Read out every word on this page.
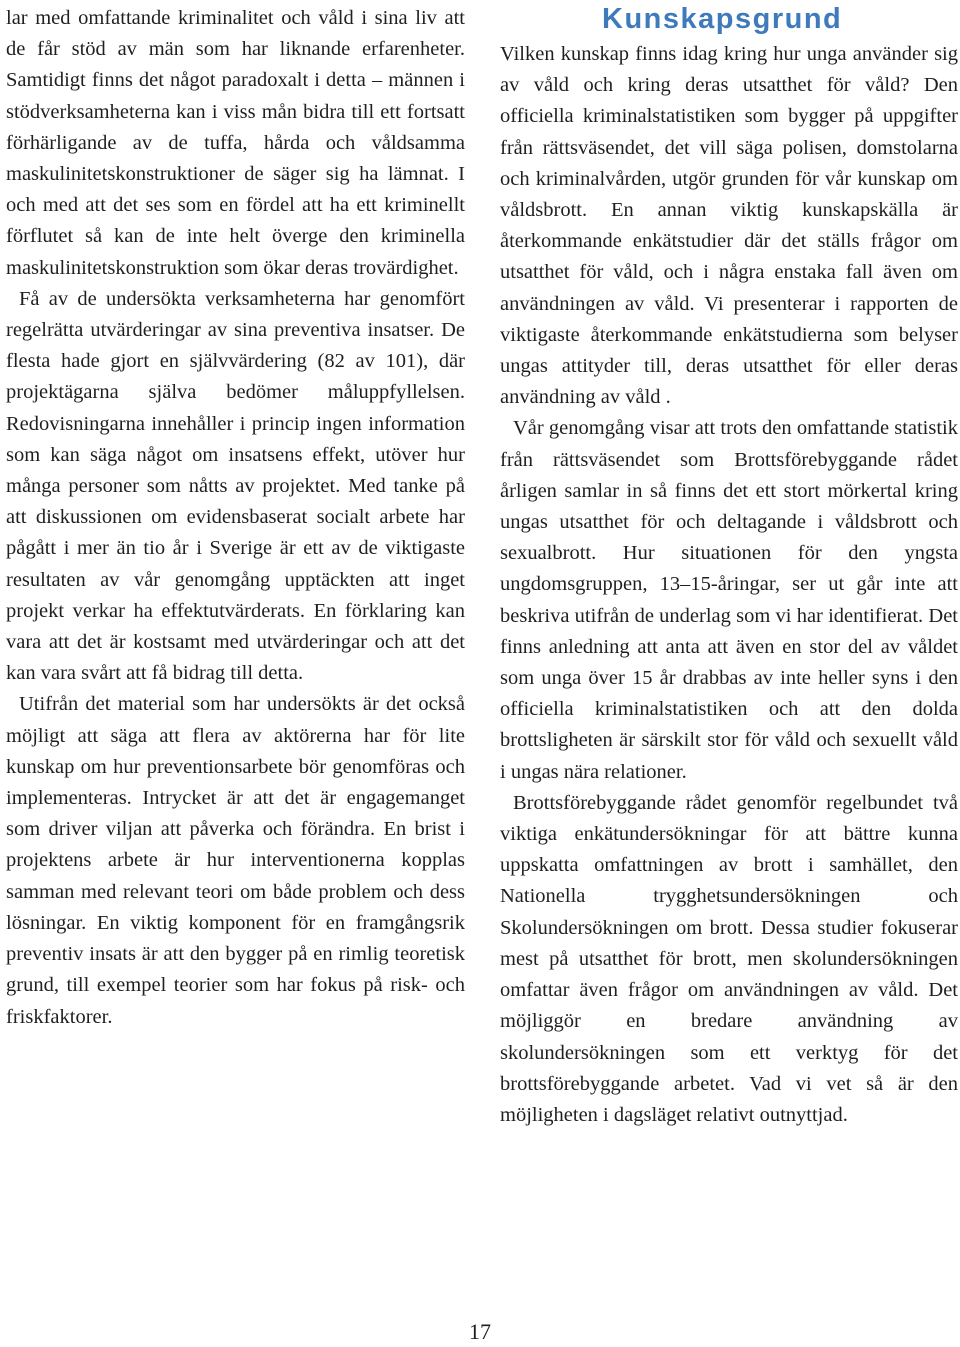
lar med omfattande kriminalitet och våld i sina liv att de får stöd av män som har liknande erfarenheter. Samtidigt finns det något paradoxalt i detta – männen i stödverksamheterna kan i viss mån bidra till ett fortsatt förhärligande av de tuffa, hårda och våldsamma maskulinitetskonstruktioner de säger sig ha lämnat. I och med att det ses som en fördel att ha ett kriminellt förflutet så kan de inte helt överge den kriminella maskulinitetskonstruktion som ökar deras trovärdighet.

Få av de undersökta verksamheterna har genomfört regelrätta utvärderingar av sina preventiva insatser. De flesta hade gjort en självvärdering (82 av 101), där projektägarna själva bedömer måluppfyllelsen. Redovisningarna innehåller i princip ingen information som kan säga något om insatsens effekt, utöver hur många personer som nåtts av projektet. Med tanke på att diskussionen om evidensbaserat socialt arbete har pågått i mer än tio år i Sverige är ett av de viktigaste resultaten av vår genomgång upptäckten att inget projekt verkar ha effektutvärderats. En förklaring kan vara att det är kostsamt med utvärderingar och att det kan vara svårt att få bidrag till detta.

Utifrån det material som har undersökts är det också möjligt att säga att flera av aktörerna har för lite kunskap om hur preventionsarbete bör genomföras och implementeras. Intrycket är att det är engagemanget som driver viljan att påverka och förändra. En brist i projektens arbete är hur interventionerna kopplas samman med relevant teori om både problem och dess lösningar. En viktig komponent för en framgångsrik preventiv insats är att den bygger på en rimlig teoretisk grund, till exempel teorier som har fokus på risk- och friskfaktorer.

Kunskapsgrund

Vilken kunskap finns idag kring hur unga använder sig av våld och kring deras utsatthet för våld? Den officiella kriminalstatistiken som bygger på uppgifter från rättsväsendet, det vill säga polisen, domstolarna och kriminalvården, utgör grunden för vår kunskap om våldsbrott. En annan viktig kunskapskälla är återkommande enkätstudier där det ställs frågor om utsatthet för våld, och i några enstaka fall även om användningen av våld. Vi presenterar i rapporten de viktigaste återkommande enkätstudierna som belyser ungas attityder till, deras utsatthet för eller deras användning av våld .

Vår genomgång visar att trots den omfattande statistik från rättsväsendet som Brottsförebyggande rådet årligen samlar in så finns det ett stort mörkertal kring ungas utsatthet för och deltagande i våldsbrott och sexualbrott. Hur situationen för den yngsta ungdomsgruppen, 13–15-åringar, ser ut går inte att beskriva utifrån de underlag som vi har identifierat. Det finns anledning att anta att även en stor del av våldet som unga över 15 år drabbas av inte heller syns i den officiella kriminalstatistiken och att den dolda brottsligheten är särskilt stor för våld och sexuellt våld i ungas nära relationer.

Brottsförebyggande rådet genomför regelbundet två viktiga enkätundersökningar för att bättre kunna uppskatta omfattningen av brott i samhället, den Nationella trygghetsundersökningen och Skolundersökningen om brott. Dessa studier fokuserar mest på utsatthet för brott, men skolundersökningen omfattar även frågor om användningen av våld. Det möjliggör en bredare användning av skolundersökningen som ett verktyg för det brottsförebyggande arbetet. Vad vi vet så är den möjligheten i dagsläget relativt outnyttjad.

17
